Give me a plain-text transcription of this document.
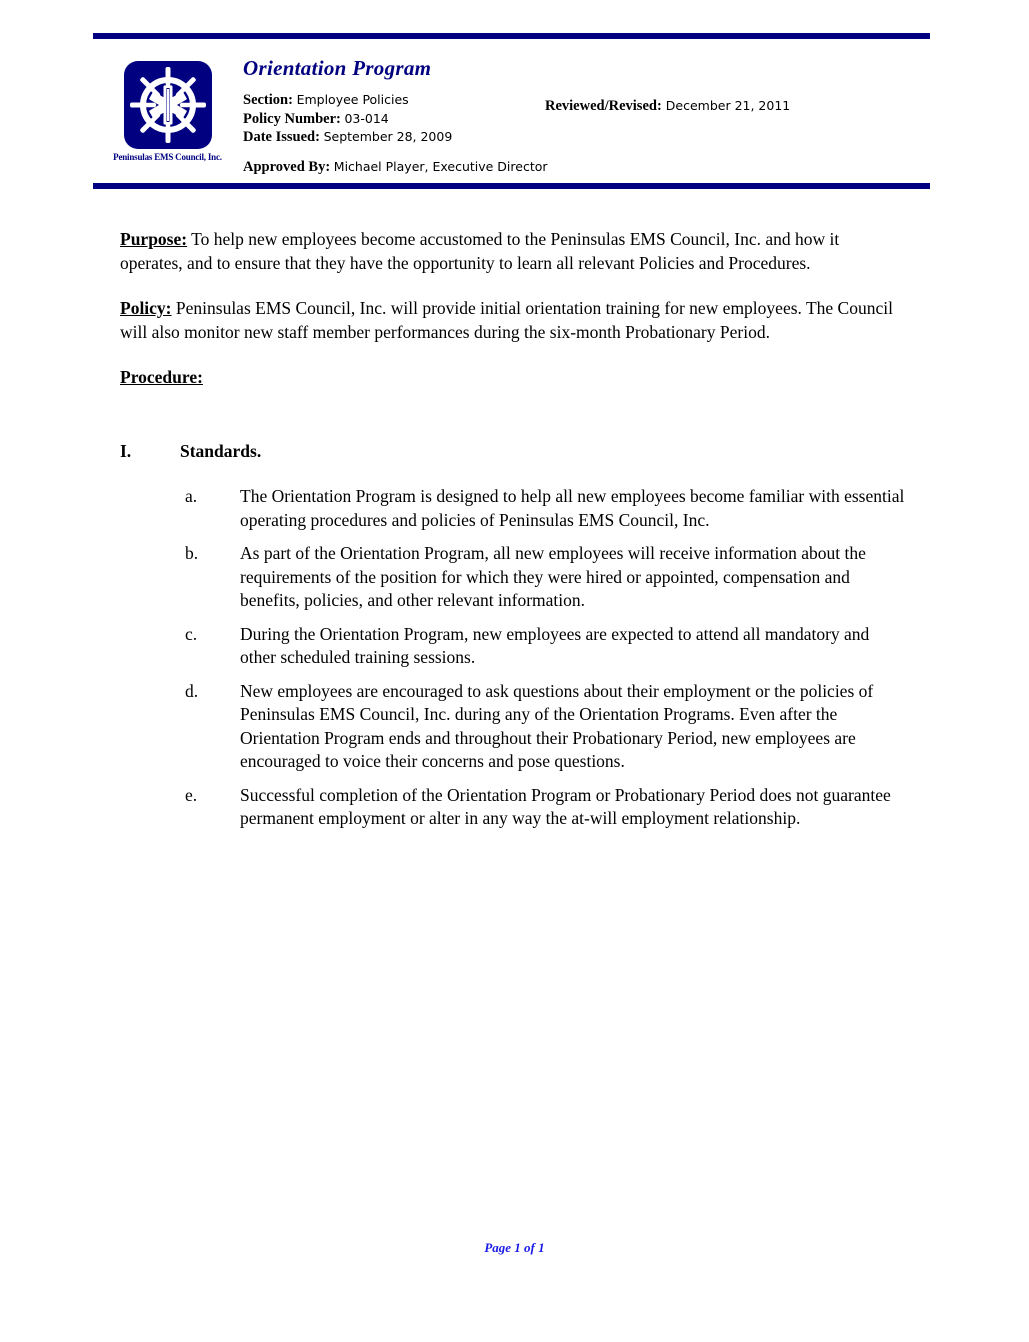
Peninsulas EMS Council, Inc.
Orientation Program
Section: Employee Policies
Policy Number: 03-014
Date Issued: September 28, 2009
Reviewed/Revised: December 21, 2011
Approved By: Michael Player, Executive Director

Purpose: To help new employees become accustomed to the Peninsulas EMS Council, Inc. and how it operates, and to ensure that they have the opportunity to learn all relevant Policies and Procedures.

Policy: Peninsulas EMS Council, Inc. will provide initial orientation training for new employees. The Council will also monitor new staff member performances during the six-month Probationary Period.

Procedure:
I.	Standards.
a.	The Orientation Program is designed to help all new employees become familiar with essential operating procedures and policies of Peninsulas EMS Council, Inc.
b.	As part of the Orientation Program, all new employees will receive information about the requirements of the position for which they were hired or appointed, compensation and benefits, policies, and other relevant information.
c.	During the Orientation Program, new employees are expected to attend all mandatory and other scheduled training sessions.
d.	New employees are encouraged to ask questions about their employment or the policies of Peninsulas EMS Council, Inc. during any of the Orientation Programs. Even after the Orientation Program ends and throughout their Probationary Period, new employees are encouraged to voice their concerns and pose questions.
e.	Successful completion of the Orientation Program or Probationary Period does not guarantee permanent employment or alter in any way the at-will employment relationship.
Page 1 of 1
